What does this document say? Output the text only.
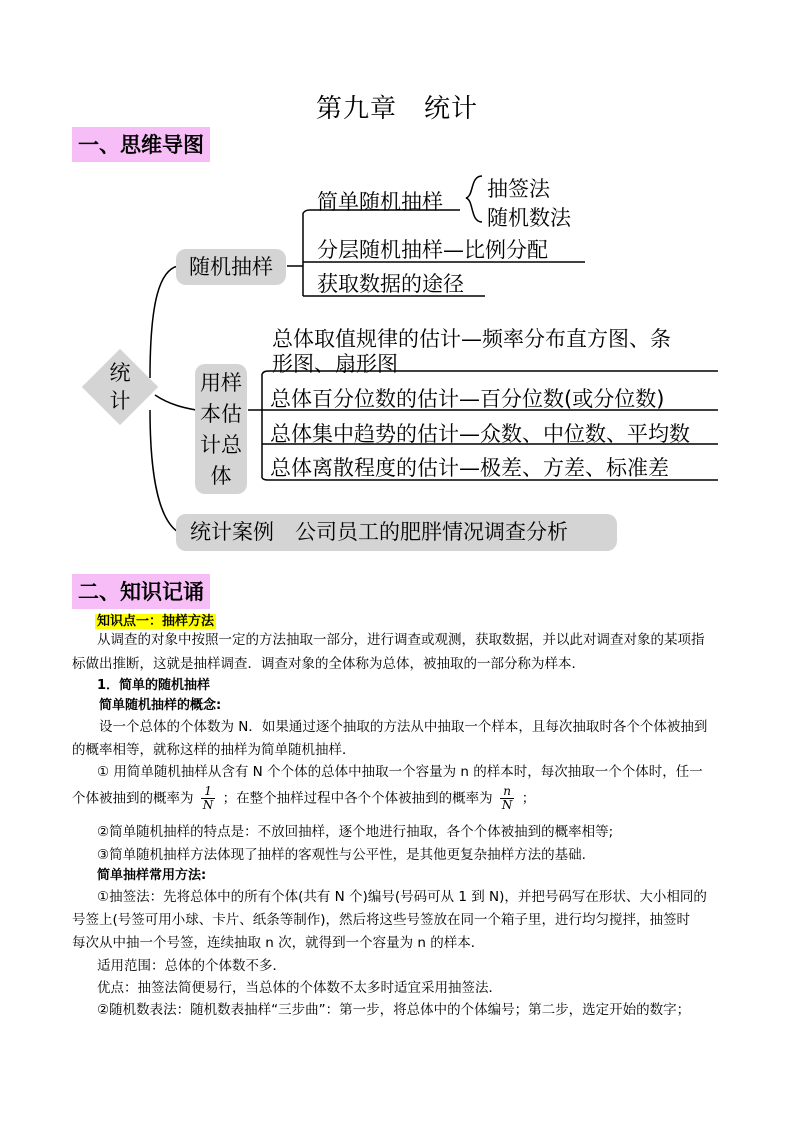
第九章　统计
一、思维导图
统
计
随机抽样
简单随机抽样
抽签法
随机数法
分层随机抽样—比例分配
获取数据的途径
用样
本估
计总
体
总体取值规律的估计—频率分布直方图、条
形图、扇形图
总体百分位数的估计—百分位数(或分位数)
总体集中趋势的估计—众数、中位数、平均数
总体离散程度的估计—极差、方差、标准差
统计案例　公司员工的肥胖情况调查分析
二、知识记诵
知识点一：抽样方法
从调查的对象中按照一定的方法抽取一部分，进行调查或观测，获取数据，并以此对调查对象的某项指
标做出推断，这就是抽样调查．调查对象的全体称为总体，被抽取的一部分称为样本．
1．简单的随机抽样
简单随机抽样的概念:
设一个总体的个体数为 N．如果通过逐个抽取的方法从中抽取一个样本，且每次抽取时各个个体被抽到
的概率相等，就称这样的抽样为简单随机抽样．
① 用简单随机抽样从含有 N 个个体的总体中抽取一个容量为 n 的样本时，每次抽取一个个体时，任一
个体被抽到的概率为 $\frac{1}{N}$ ；在整个抽样过程中各个个体被抽到的概率为 $\frac{n}{N}$ ；
②简单随机抽样的特点是：不放回抽样，逐个地进行抽取，各个个体被抽到的概率相等;
③简单随机抽样方法体现了抽样的客观性与公平性，是其他更复杂抽样方法的基础.
简单抽样常用方法:
①抽签法：先将总体中的所有个体(共有 N 个)编号(号码可从 1 到 N)，并把号码写在形状、大小相同的
号签上(号签可用小球、卡片、纸条等制作)，然后将这些号签放在同一个箱子里，进行均匀搅拌，抽签时
每次从中抽一个号签，连续抽取 n 次，就得到一个容量为 n 的样本．
适用范围：总体的个体数不多．
优点：抽签法简便易行，当总体的个体数不太多时适宜采用抽签法．
②随机数表法：随机数表抽样“三步曲”：第一步，将总体中的个体编号；第二步，选定开始的数字；
